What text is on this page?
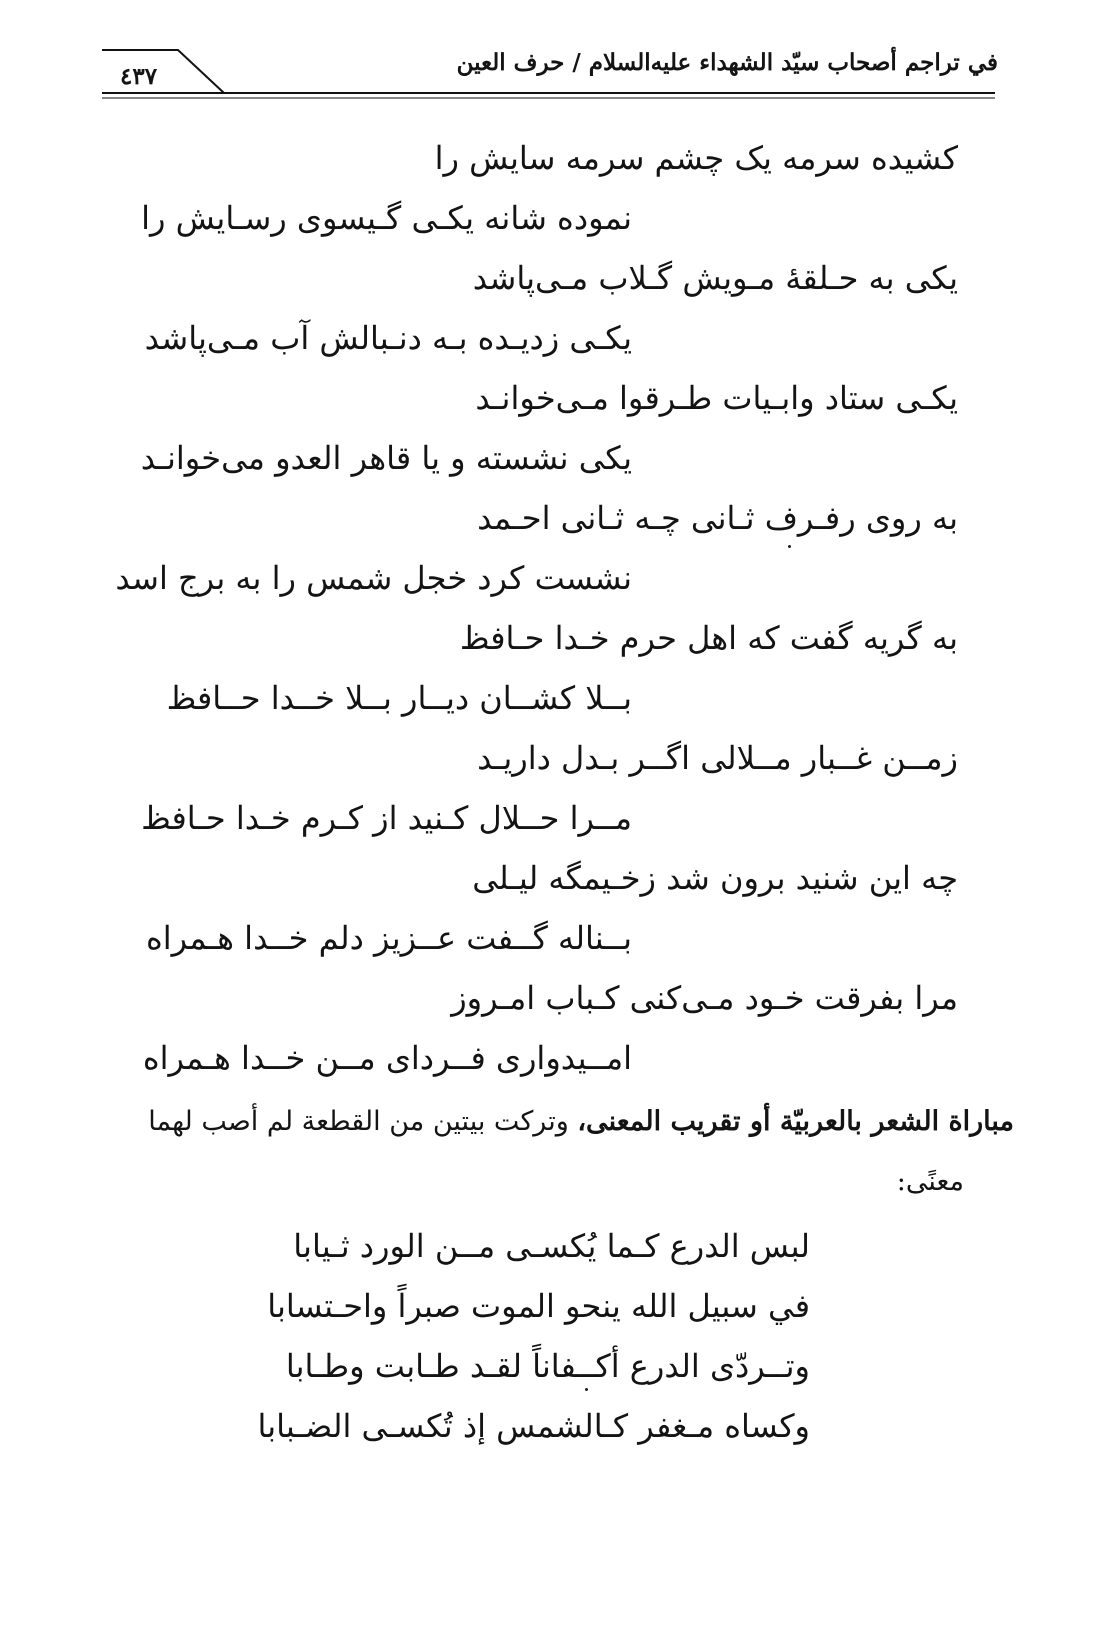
في تراجم أصحاب سيّد الشهداء عليه‌السلام / حرف العين
٤٣٧
كشيده سرمه يک چشم سرمه سايش را
نموده شانه يکـى گـيسوى رسـايش را
يکى به حـلقهٔ مـويش گـلاب مـى‌پاشد
يکـى زديـده بـه دنـبالش آب مـى‌پاشد
يکـى ستاد وابـيات طـرقوا مـى‌خوانـد
يکى نشسته و يا قاهر العدو مى‌خوانـد
به روى رفـرف ثـانى چـه ثـانى احـمد
نشست کرد خجل شمس را به برج اسد
به گريه گفت که اهل حرم خـدا حـافظ
بــلا کشــان ديــار بــلا خــدا حــافظ
زمــن غــبار مــلالى اگــر بـدل داريـد
مــرا حــلال کـنيد از کـرم خـدا حـافظ
چه اين شنيد برون شد زخـيمگه ليـلى
بــناله گــفت عــزيز دلم خــدا هـمراه
مرا بفرقت خـود مـى‌کنى کـباب امـروز
امــيدوارى فــرداى مــن خــدا هـمراه
مباراة الشعر بالعربيّة أو تقريب المعنى، وتركت بيتين من القطعة لم أصب لهما
معنًى:
لبس الدرع كـما يُكسـى مــن الورد ثـيابا
في سبيل الله ينحو الموت صبراً واحـتسابا
وتــردّى الدرع أكــفاناً لقـد طـابت وطـابا
وكساه مـغفر كـالشمس إذ تُكسـى الضـبابا
